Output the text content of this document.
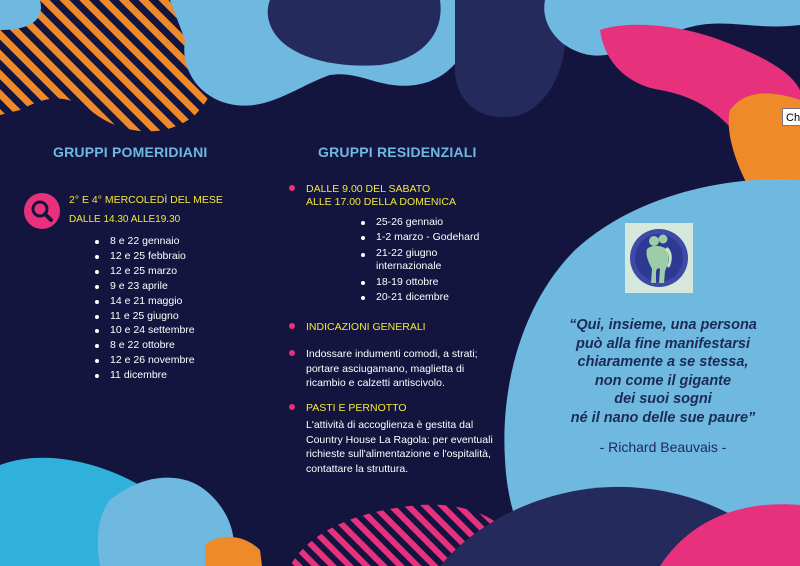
GRUPPI POMERIDIANI
2° E 4° MERCOLEDÌ DEL MESE
DALLE 14.30 ALLE19.30
8 e 22 gennaio
12 e 25 febbraio
12 e 25 marzo
9 e 23 aprile
14 e 21 maggio
11 e 25 giugno
10 e 24 settembre
8 e 22 ottobre
12 e 26 novembre
11 dicembre
GRUPPI RESIDENZIALI
DALLE 9.00 DEL SABATO
ALLE 17.00 DELLA DOMENICA
25-26 gennaio
1-2 marzo - Godehard
21-22 giugno
internazionale
18-19 ottobre
20-21 dicembre
INDICAZIONI GENERALI
Indossare indumenti comodi, a strati;
portare asciugamano, maglietta di
ricambio e calzetti antiscivolo.
PASTI E PERNOTTO
L'attività di accoglienza è gestita dal
Country House La Ragola: per eventuali
richieste sull'alimentazione e l'ospitalità,
contattare la struttura.
“Qui, insieme, una persona
può alla fine manifestarsi
chiaramente a se stessa,
non come il gigante
dei suoi sogni
né il nano delle sue paure”
- Richard Beauvais -
Ch
